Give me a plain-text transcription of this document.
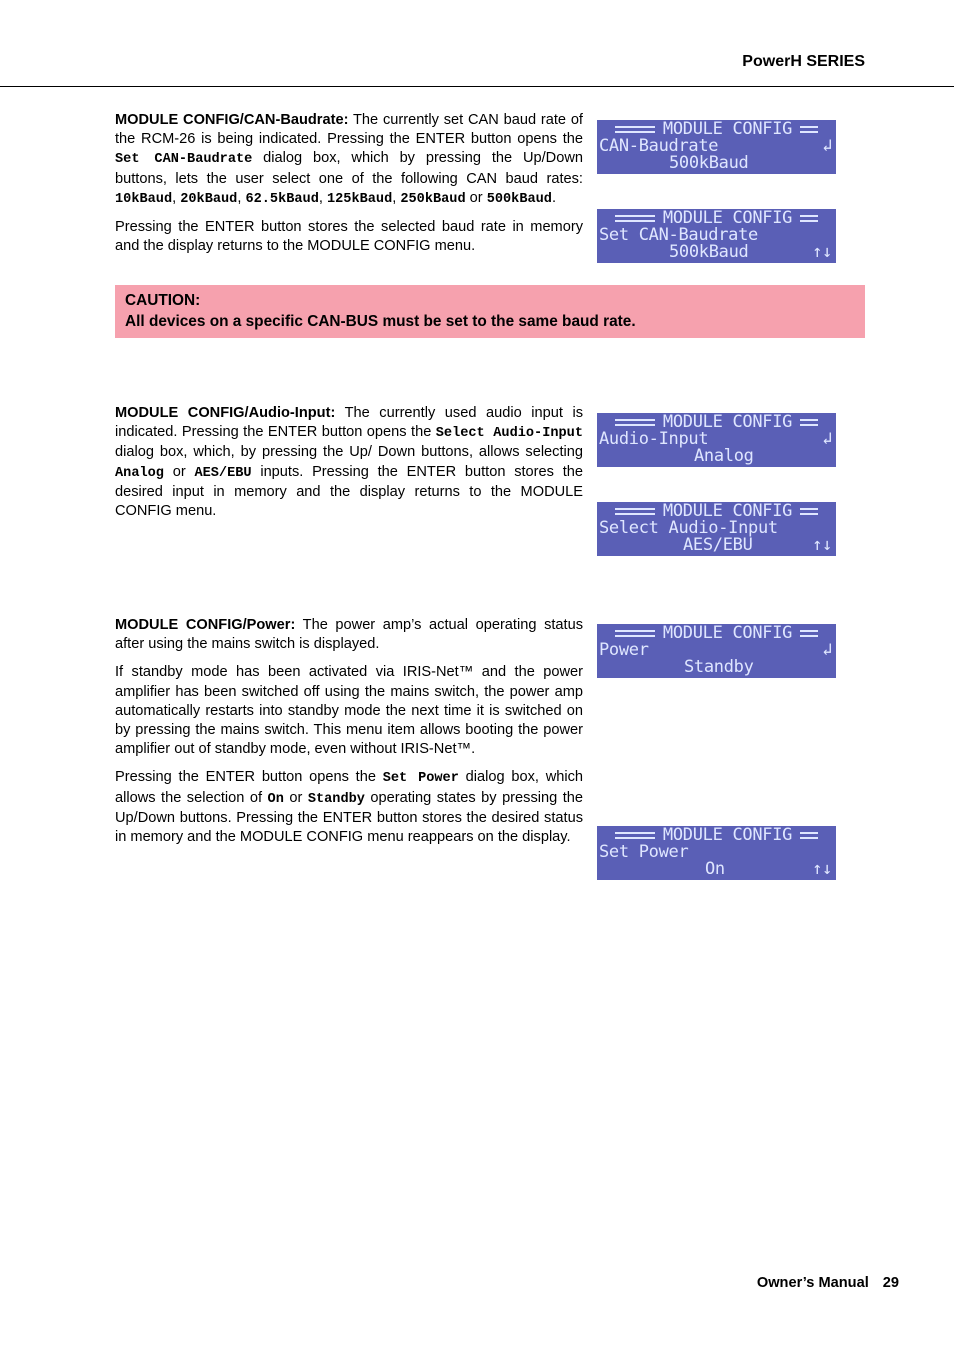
PowerH SERIES

MODULE CONFIG/CAN-Baudrate: The currently set CAN baud rate of the RCM-26 is being indicated. Pressing the ENTER button opens the Set CAN-Baudrate dialog box, which by pressing the Up/Down buttons, lets the user select one of the following CAN baud rates: 10kBaud, 20kBaud, 62.5kBaud, 125kBaud, 250kBaud or 500kBaud.

Pressing the ENTER button stores the selected baud rate in memory and the display returns to the MODULE CONFIG menu.

MODULE CONFIG
CAN-Baudrate	↲
500kBaud
MODULE CONFIG
Set CAN-Baudrate
500kBaud	↑↓
CAUTION:
All devices on a specific CAN-BUS must be set to the same baud rate.

MODULE CONFIG/Audio-Input: The currently used audio input is indicated. Pressing the ENTER button opens the Select Audio-Input dialog box, which, by pressing the Up/ Down buttons, allows selecting Analog or AES/EBU inputs. Pressing the ENTER button stores the desired input in memory and the display returns to the MODULE CONFIG menu.

MODULE CONFIG
Audio-Input	↲
Analog
MODULE CONFIG
Select Audio-Input
AES/EBU	↑↓

MODULE CONFIG/Power: The power amp’s actual operating status after using the mains switch is displayed.

If standby mode has been activated via IRIS-Net™ and the power amplifier has been switched off using the mains switch, the power amp automatically restarts into standby mode the next time it is switched on by pressing the mains switch. This menu item allows booting the power amplifier out of standby mode, even without IRIS-Net™.

Pressing the ENTER button opens the Set Power dialog box, which allows the selection of On or Standby operating states by pressing the Up/Down buttons. Pressing the ENTER button stores the desired status in memory and the MODULE CONFIG menu reappears on the display.

MODULE CONFIG
Power	↲
Standby
MODULE CONFIG
Set Power
On	↑↓
Owner’s Manual 29
